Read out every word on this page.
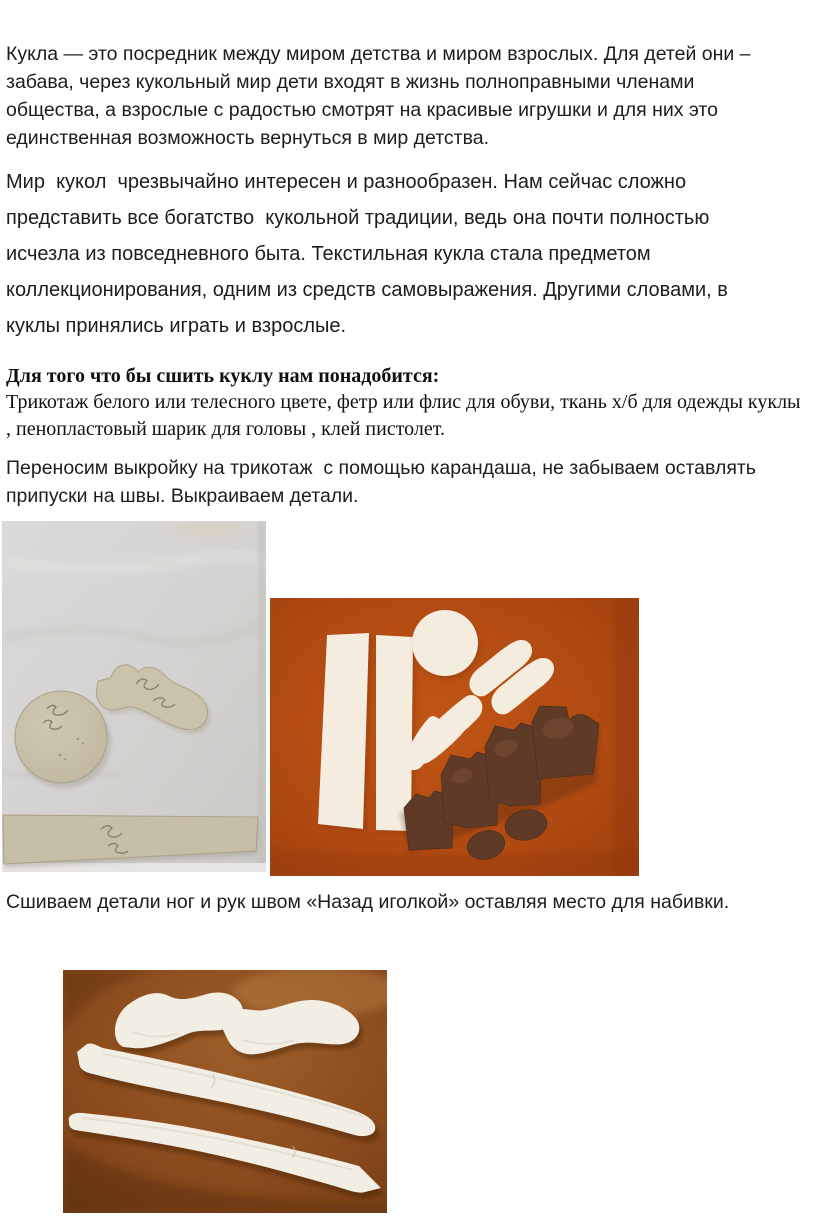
Кукла — это посредник между миром детства и миром взрослых. Для детей они – забава, через кукольный мир дети входят в жизнь полноправными членами общества, а взрослые с радостью смотрят на красивые игрушки и для них это единственная возможность вернуться в мир детства.

Мир  кукол  чрезвычайно интересен и разнообразен. Нам сейчас сложно представить все богатство  кукольной традиции, ведь она почти полностью исчезла из повседневного быта. Текстильная кукла стала предметом коллекционирования, одним из средств самовыражения. Другими словами, в куклы принялись играть и взрослые.

Для того что бы сшить куклу нам понадобится:

Трикотаж белого или телесного цвете, фетр или флис для обуви, ткань х/б для одежды куклы , пенопластовый шарик для головы , клей пистолет.

Переносим выкройку на трикотаж  с помощью карандаша, не забываем оставлять припуски на швы. Выкраиваем детали.

Сшиваем детали ног и рук швом «Назад иголкой» оставляя место для набивки.
